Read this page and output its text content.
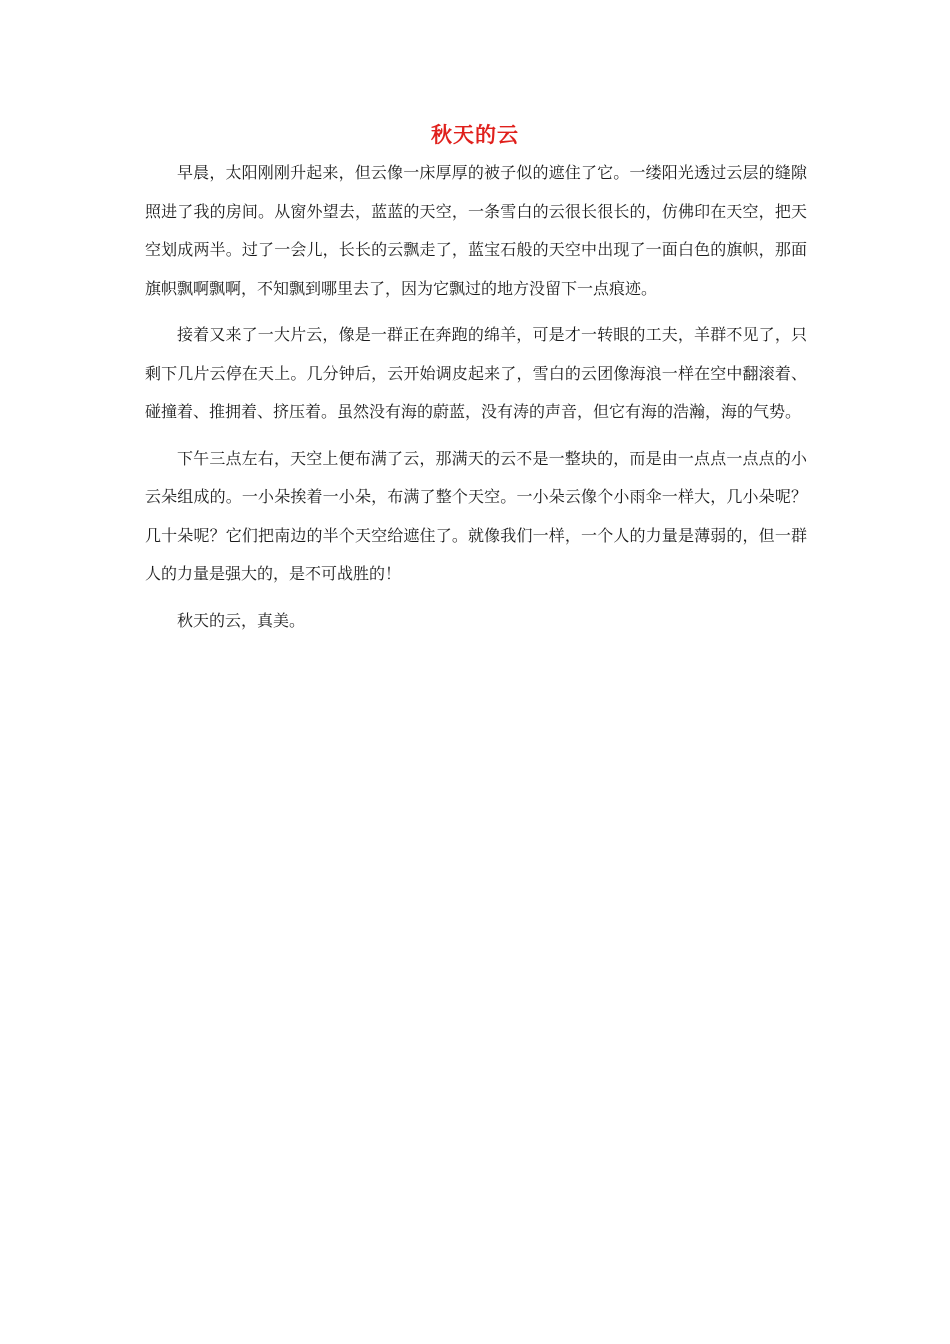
秋天的云

早晨，太阳刚刚升起来，但云像一床厚厚的被子似的遮住了它。一缕阳光透过云层的缝隙照进了我的房间。从窗外望去，蓝蓝的天空，一条雪白的云很长很长的，仿佛印在天空，把天空划成两半。过了一会儿，长长的云飘走了，蓝宝石般的天空中出现了一面白色的旗帜，那面旗帜飘啊飘啊，不知飘到哪里去了，因为它飘过的地方没留下一点痕迹。

接着又来了一大片云，像是一群正在奔跑的绵羊，可是才一转眼的工夫，羊群不见了，只剩下几片云停在天上。几分钟后，云开始调皮起来了，雪白的云团像海浪一样在空中翻滚着、碰撞着、推拥着、挤压着。虽然没有海的蔚蓝，没有涛的声音，但它有海的浩瀚，海的气势。

下午三点左右，天空上便布满了云，那满天的云不是一整块的，而是由一点点一点点的小云朵组成的。一小朵挨着一小朵，布满了整个天空。一小朵云像个小雨伞一样大，几小朵呢？几十朵呢？它们把南边的半个天空给遮住了。就像我们一样，一个人的力量是薄弱的，但一群人的力量是强大的，是不可战胜的！

秋天的云，真美。
